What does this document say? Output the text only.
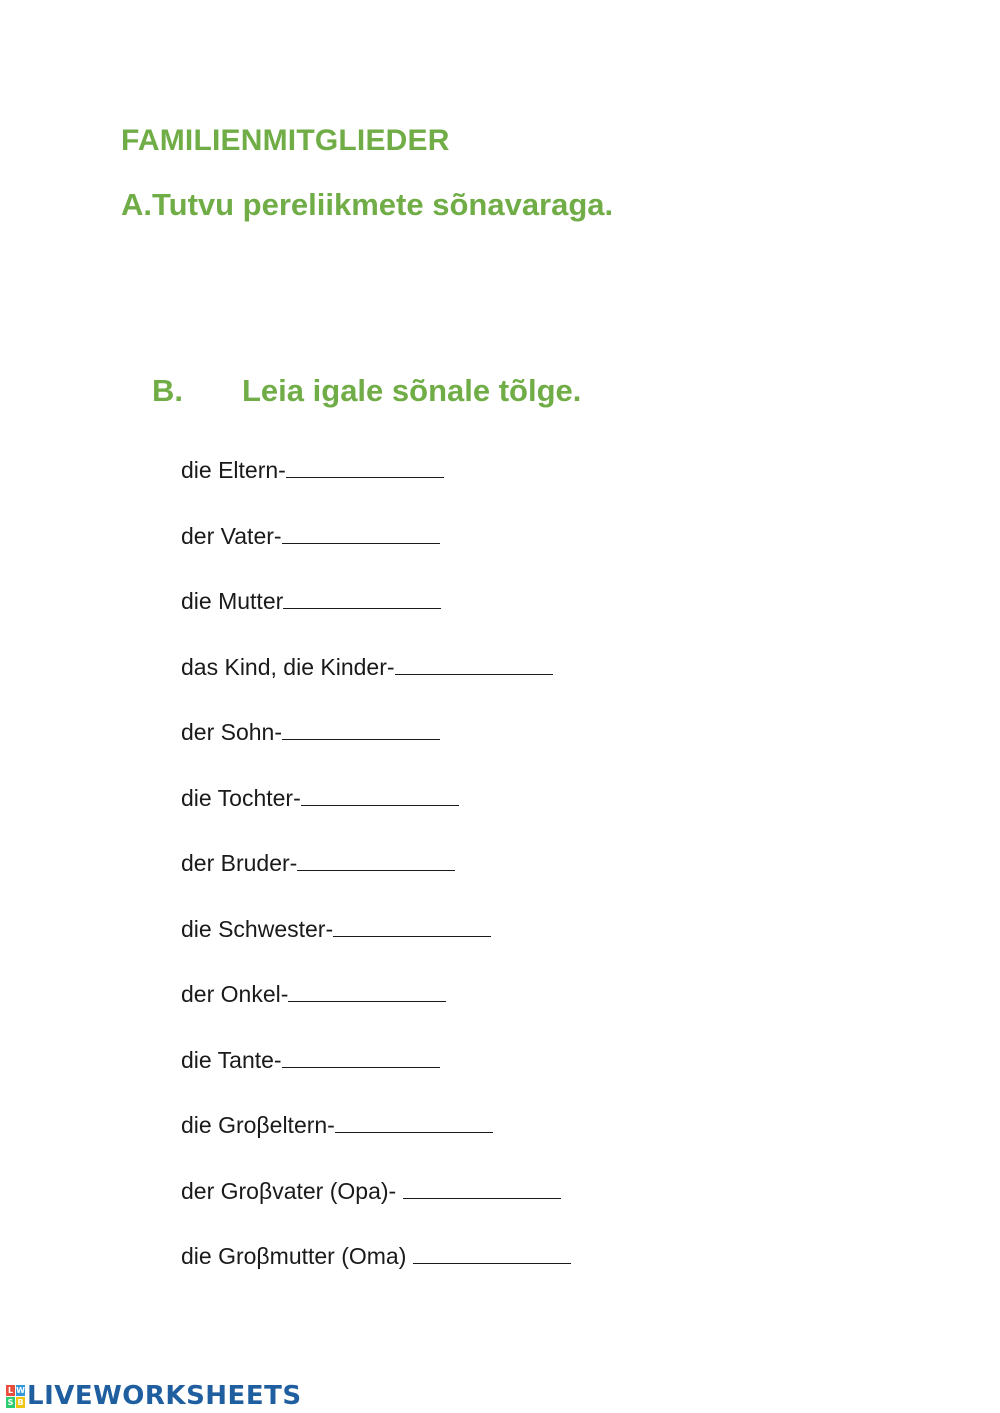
FAMILIENMITGLIEDER
A.Tutvu pereliikmete sõnavaraga.
B. Leia igale sõnale tõlge.
die Eltern-
der Vater-
die Mutter
das Kind, die Kinder-
der Sohn-
die Tochter-
der Bruder-
die Schwester-
der Onkel-
die Tante-
die Groβeltern-
der Groβvater (Opa)-
die Groβmutter (Oma)
L W
S B LIVEWORKSHEETS
